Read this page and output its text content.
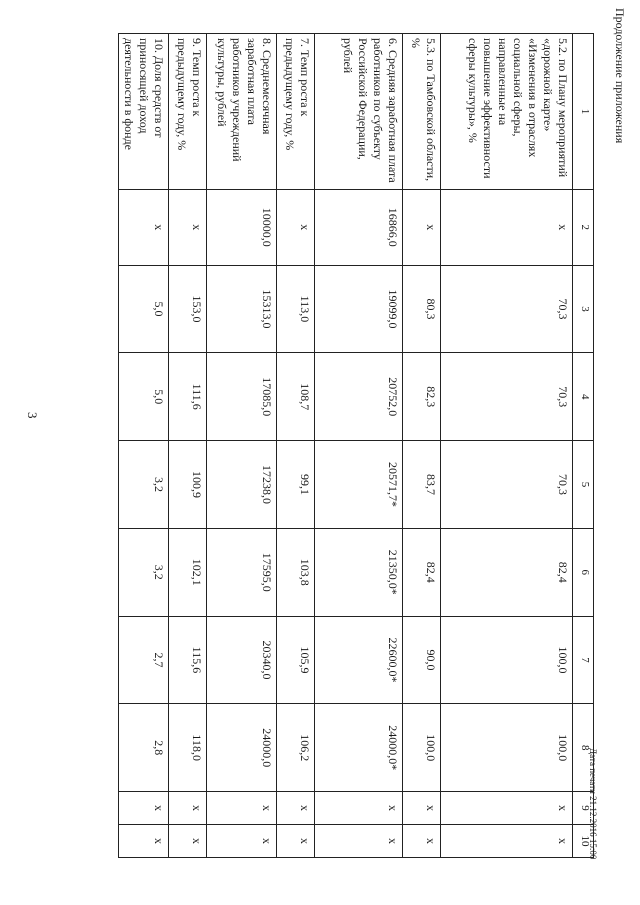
3
Продолжение приложения
Дата печати 21.12.2016 15:00
1	2	3	4	5	6	7	8	9	10
5.2. по Плану мероприятий «дорожной карте» «Изменения в отраслях социальной сферы, направленные на повышение эффективности сферы культуры», %	x	70,3	70,3	70,3	82,4	100,0	100,0	x	x
5.3. по Тамбовской области, %	x	80,3	82,3	83,7	82,4	90,0	100,0	x	x
6. Средняя заработная плата работников по субъекту Российской Федерации, рублей	16866,0	19099,0	20752,0	20571,7*	21350,0*	22600,0*	24000,0*	x	x
7. Темп роста к предыдущему году, %	x	113,0	108,7	99,1	103,8	105,9	106,2	x	x
8. Среднемесячная заработная плата работников учреждений культуры, рублей	10000,0	15313,0	17085,0	17238,0	17595,0	20340,0	24000,0	x	x
9. Темп роста к предыдущему году, %	x	153,0	111,6	100,9	102,1	115,6	118,0	x	x
10. Доля средств от приносящей доход деятельности в фонде	x	5,0	5,0	3,2	3,2	2,7	2,8	x	x
